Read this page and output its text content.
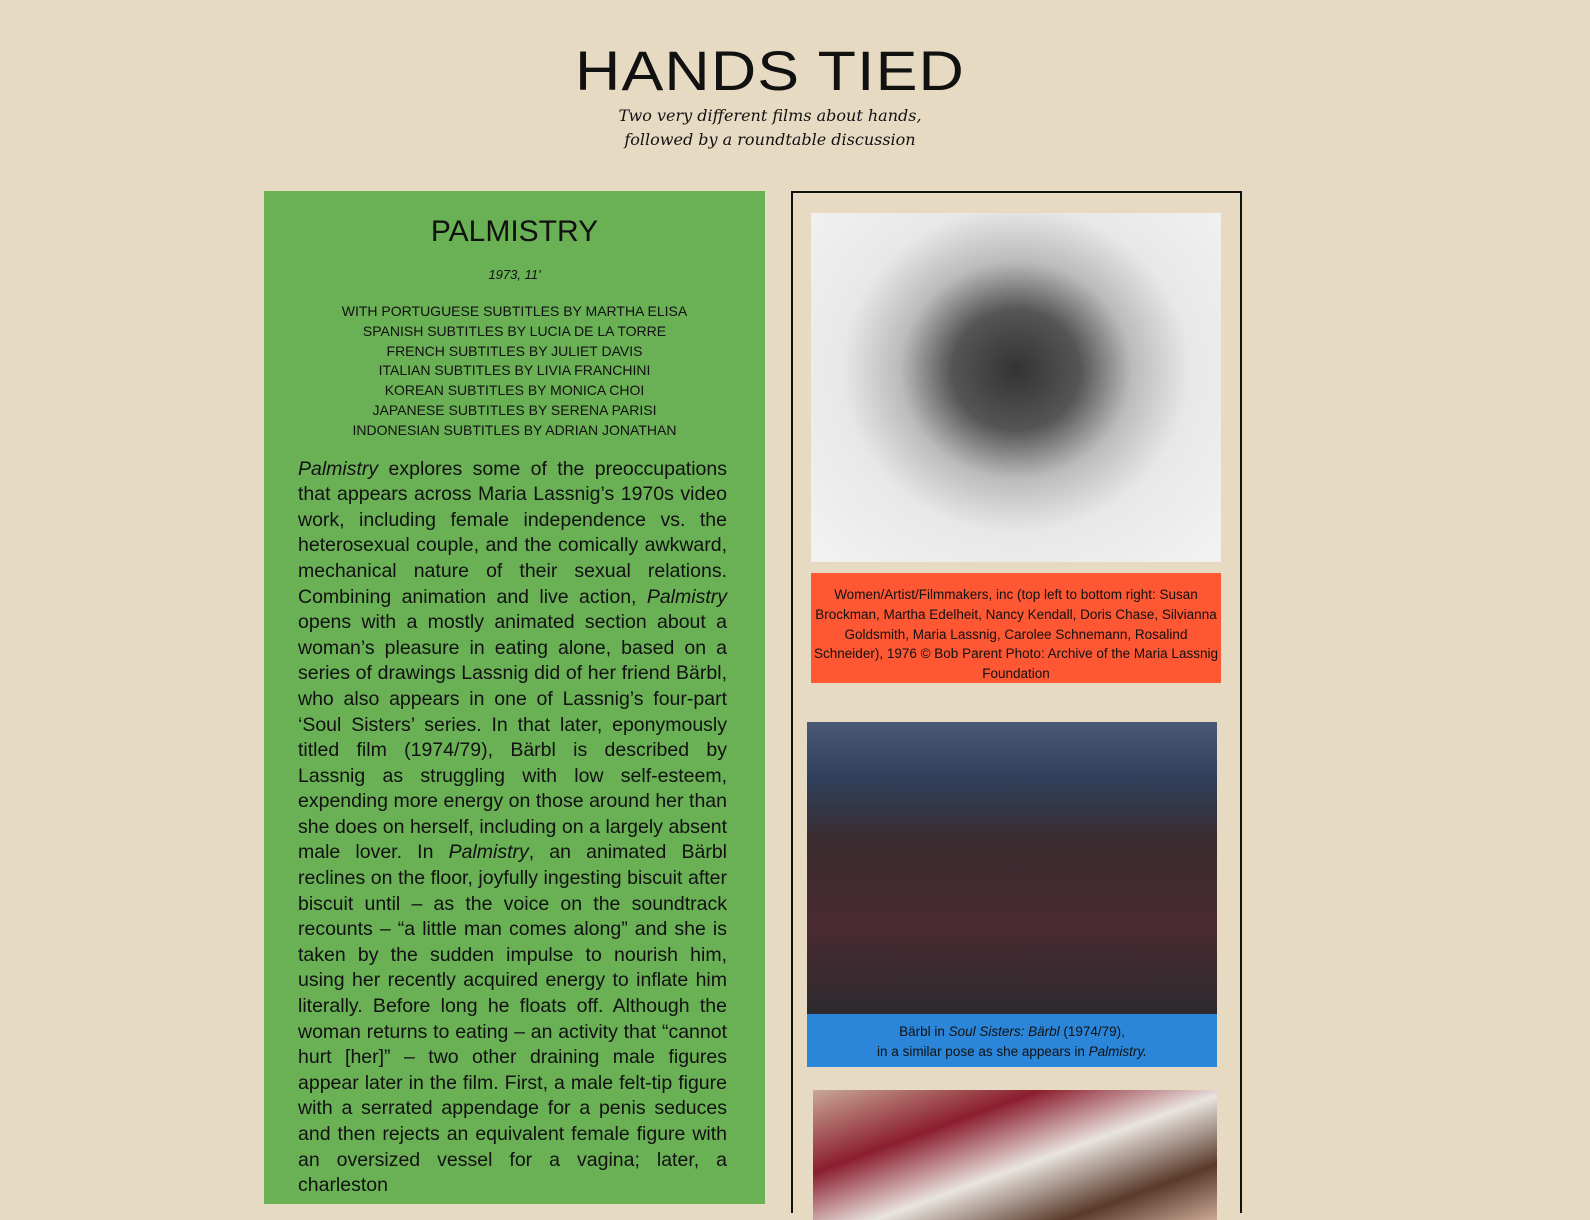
HANDS TIED
Two very different films about hands,
followed by a roundtable discussion
PALMISTRY
1973, 11'
WITH PORTUGUESE SUBTITLES BY MARTHA ELISA
SPANISH SUBTITLES BY LUCIA DE LA TORRE
FRENCH SUBTITLES BY JULIET DAVIS
ITALIAN SUBTITLES BY LIVIA FRANCHINI
KOREAN SUBTITLES BY MONICA CHOI
JAPANESE SUBTITLES BY SERENA PARISI
INDONESIAN SUBTITLES BY ADRIAN JONATHAN

Palmistry explores some of the preoccupations that appears across Maria Lassnig’s 1970s video work, including female independence vs. the heterosexual couple, and the comically awkward, mechanical nature of their sexual relations. Combining animation and live action, Palmistry opens with a mostly animated section about a woman’s pleasure in eating alone, based on a series of drawings Lassnig did of her friend Bärbl, who also appears in one of Lassnig’s four-part ‘Soul Sisters’ series. In that later, eponymously titled film (1974/79), Bärbl is described by Lassnig as struggling with low self-esteem, expending more energy on those around her than she does on herself, including on a largely absent male lover. In Palmistry, an animated Bärbl reclines on the floor, joyfully ingesting biscuit after biscuit until – as the voice on the soundtrack recounts – “a little man comes along” and she is taken by the sudden impulse to nourish him, using her recently acquired energy to inflate him literally. Before long he floats off. Although the woman returns to eating – an activity that “cannot hurt [her]” – two other draining male figures appear later in the film. First, a male felt-tip figure with a serrated appendage for a penis seduces and then rejects an equivalent female figure with an oversized vessel for a vagina; later, a charleston

Women/Artist/Filmmakers, inc (top left to bottom right: Susan Brockman, Martha Edelheit, Nancy Kendall, Doris Chase, Silvianna Goldsmith, Maria Lassnig, Carolee Schnemann, Rosalind Schneider), 1976 © Bob Parent Photo: Archive of the Maria Lassnig Foundation
Bärbl in Soul Sisters: Bärbl (1974/79),
in a similar pose as she appears in Palmistry.
